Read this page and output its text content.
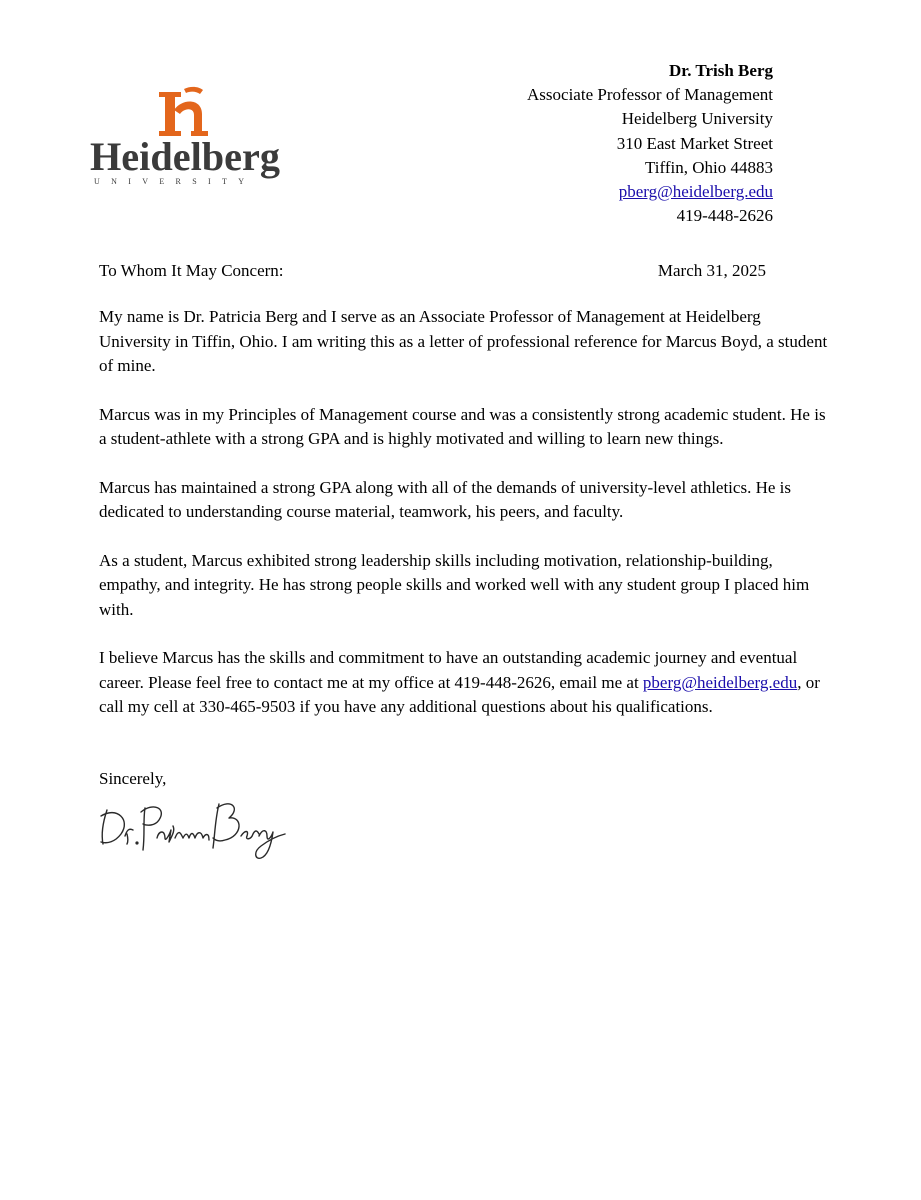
Heidelberg
UNIVERSITY
Dr. Trish Berg
Associate Professor of Management
Heidelberg University
310 East Market Street
Tiffin, Ohio 44883
pberg@heidelberg.edu
419-448-2626
To Whom It May Concern:	March 31, 2025

My name is Dr. Patricia Berg and I serve as an Associate Professor of Management at Heidelberg University in Tiffin, Ohio. I am writing this as a letter of professional reference for Marcus Boyd, a student of mine.

Marcus was in my Principles of Management course and was a consistently strong academic student. He is a student-athlete with a strong GPA and is highly motivated and willing to learn new things.

Marcus has maintained a strong GPA along with all of the demands of university-level athletics. He is dedicated to understanding course material, teamwork, his peers, and faculty.

As a student, Marcus exhibited strong leadership skills including motivation, relationship-building, empathy, and integrity. He has strong people skills and worked well with any student group I placed him with.

I believe Marcus has the skills and commitment to have an outstanding academic journey and eventual career. Please feel free to contact me at my office at 419-448-2626, email me at pberg@heidelberg.edu, or call my cell at 330-465-9503 if you have any additional questions about his qualifications.

Sincerely,
